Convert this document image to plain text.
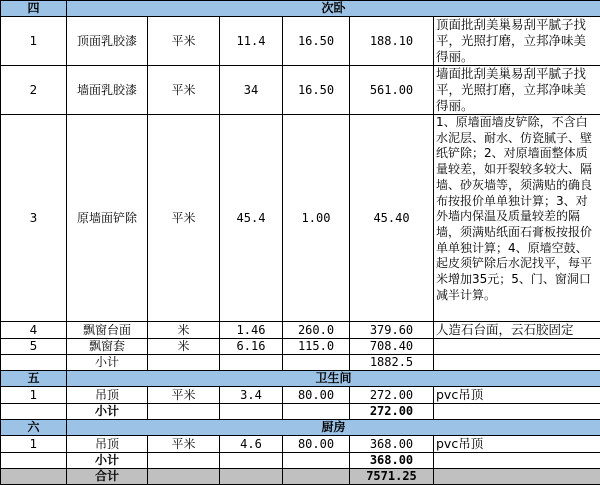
四	次卧					
1	顶面乳胶漆	平米	11.4	16.50	188.10	顶面批刮美巢易刮平腻子找平，光照打磨，立邦净味美得丽。
2	墙面乳胶漆	平米	34	16.50	561.00	墙面批刮美巢易刮平腻子找平，光照打磨，立邦净味美得丽。
3	原墙面铲除	平米	45.4	1.00	45.40	1、原墙面墙皮铲除，不含白水泥层、耐水、仿瓷腻子、壁纸铲除；2、对原墙面整体质量较差，如开裂较多较大、隔墙、砂灰墙等，须满贴的确良布按报价单单独计算；3、对外墙内保温及质量较差的隔墙，须满贴纸面石膏板按报价单单独计算；4、原墙空鼓、起皮须铲除后水泥找平，每平米增加35元；5、门、窗洞口减半计算。
4	飘窗台面	米	1.46	260.0	379.60	人造石台面，云石胶固定
5	飘窗套	米	6.16	115.0	708.40	
	小计				1882.5	
五	卫生间					
1	吊顶	平米	3.4	80.00	272.00	pvc吊顶
	小计				272.00	
六	厨房					
1	吊顶	平米	4.6	80.00	368.00	pvc吊顶
	小计				368.00	
	合计				7571.25	
